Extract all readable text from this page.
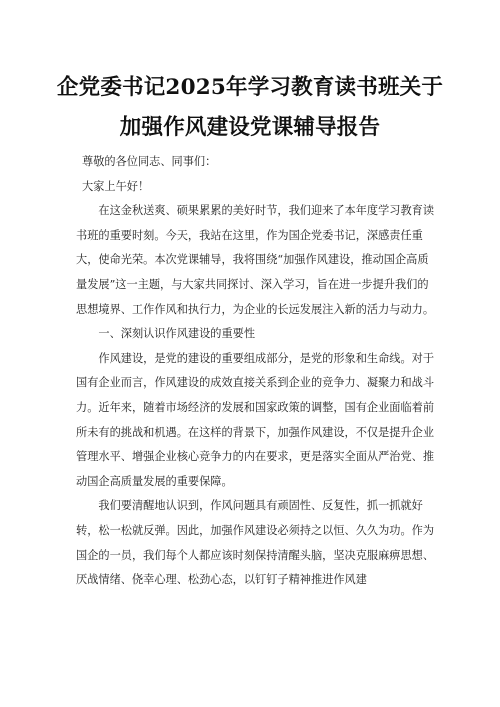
企党委书记2025年学习教育读书班关于
加强作风建设党课辅导报告

尊敬的各位同志、同事们：

大家上午好！

在这金秋送爽、硕果累累的美好时节，我们迎来了本年度学习教育读书班的重要时刻。今天，我站在这里，作为国企党委书记，深感责任重大，使命光荣。本次党课辅导，我将围绕“加强作风建设，推动国企高质量发展”这一主题，与大家共同探讨、深入学习，旨在进一步提升我们的思想境界、工作作风和执行力，为企业的长远发展注入新的活力与动力。

一、深刻认识作风建设的重要性

作风建设，是党的建设的重要组成部分，是党的形象和生命线。对于国有企业而言，作风建设的成效直接关系到企业的竞争力、凝聚力和战斗力。近年来，随着市场经济的发展和国家政策的调整，国有企业面临着前所未有的挑战和机遇。在这样的背景下，加强作风建设，不仅是提升企业管理水平、增强企业核心竞争力的内在要求，更是落实全面从严治党、推动国企高质量发展的重要保障。

我们要清醒地认识到，作风问题具有顽固性、反复性，抓一抓就好转，松一松就反弹。因此，加强作风建设必须持之以恒、久久为功。作为国企的一员，我们每个人都应该时刻保持清醒头脑，坚决克服麻痹思想、厌战情绪、侥幸心理、松劲心态，以钉钉子精神推进作风建
